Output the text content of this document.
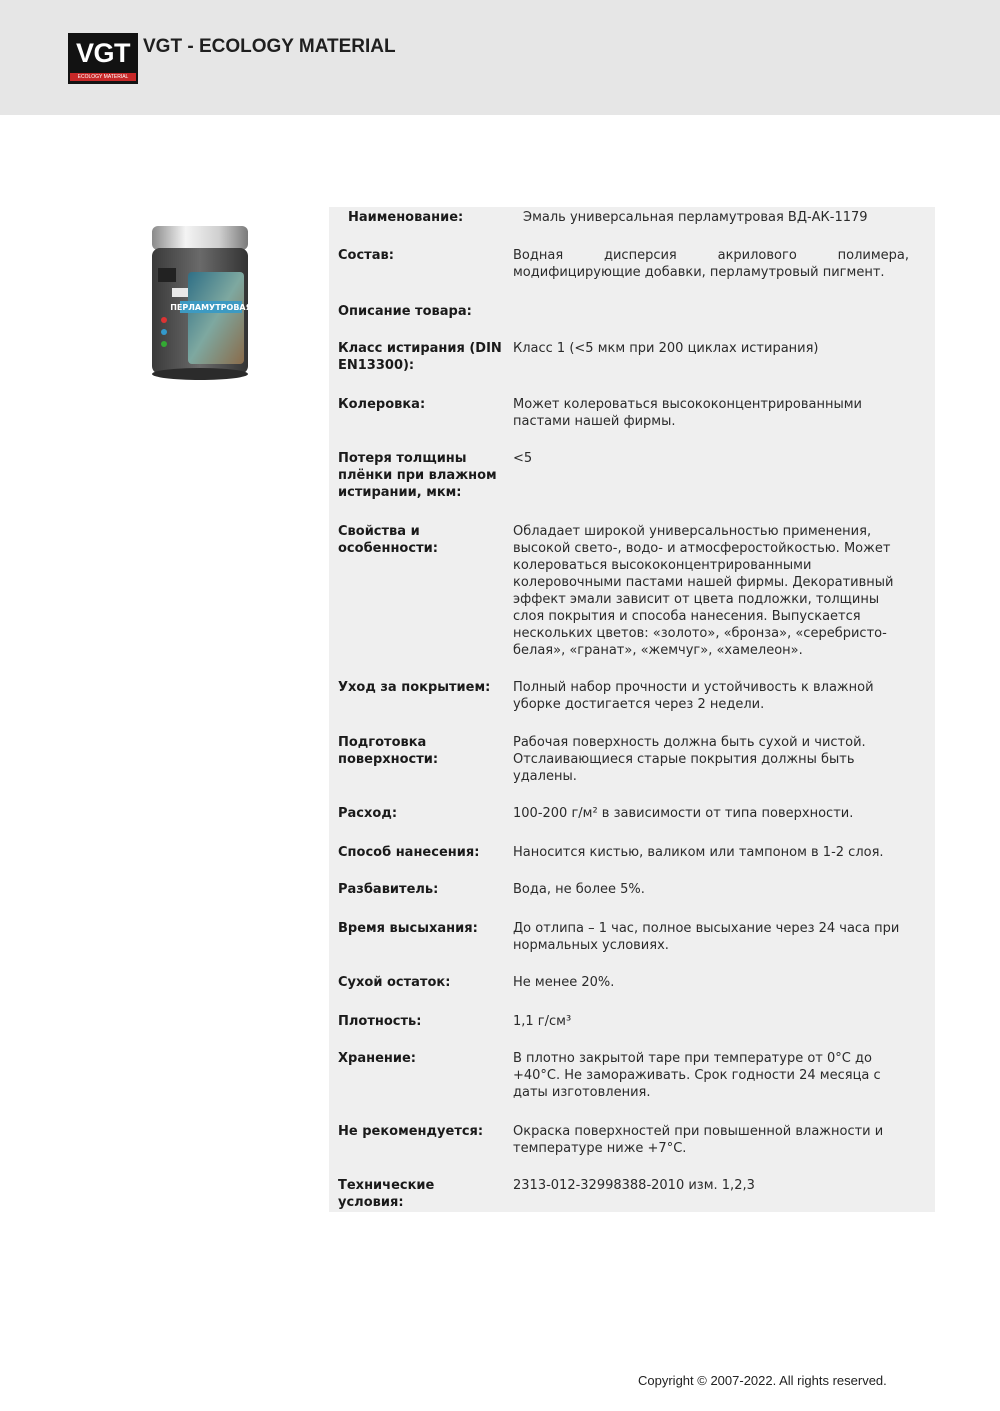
VGT
ECOLOGY MATERIAL
VGT - ECOLOGY MATERIAL
ПЕРЛАМУТРОВАЯ
Наименование:	Эмаль универсальная перламутровая ВД-АК-1179
Состав:	Водная дисперсия акрилового полимера, модифицирующие добавки, перламутровый пигмент.
Описание товара:
Класс истирания (DIN EN13300):
Класс 1 (<5 мкм при 200 циклах истирания)
Колеровка:	Может колероваться высококонцентрированными пастами нашей фирмы.
Потеря толщины плёнки при влажном истирании, мкм:
<5
Свойства и особенности:
Обладает широкой универсальностью применения, высокой свето-, водо- и атмосферостойкостью. Может колероваться высококонцентрированными колеровочными пастами нашей фирмы. Декоративный эффект эмали зависит от цвета подложки, толщины слоя покрытия и способа нанесения. Выпускается нескольких цветов: «золото», «бронза», «серебристо-белая», «гранат», «жемчуг», «хамелеон».
Уход за покрытием:	Полный набор прочности и устойчивость к влажной уборке достигается через 2 недели.
Подготовка поверхности:
Рабочая поверхность должна быть сухой и чистой. Отслаивающиеся старые покрытия должны быть удалены.
Расход:	100-200 г/м² в зависимости от типа поверхности.
Способ нанесения:	Наносится кистью, валиком или тампоном в 1-2 слоя.
Разбавитель:	Вода, не более 5%.
Время высыхания:	До отлипа – 1 час, полное высыхание через 24 часа при нормальных условиях.
Сухой остаток:	Не менее 20%.
Плотность:	1,1 г/см³
Хранение:	В плотно закрытой таре при температуре от 0°С до +40°С. Не замораживать. Срок годности 24 месяца с даты изготовления.
Не рекомендуется:	Окраска поверхностей при повышенной влажности и температуре ниже +7°С.
Технические условия:
2313-012-32998388-2010 изм. 1,2,3
Copyright © 2007-2022. All rights reserved.
